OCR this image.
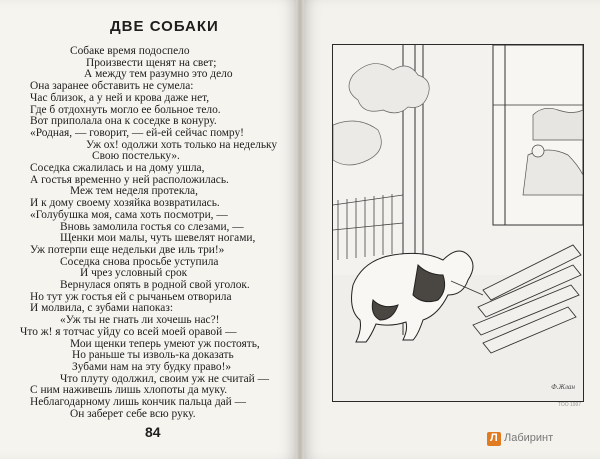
ДВЕ СОБАКИ
Собаке время подоспело
Произвести щенят на свет;
А между тем разумно это дело
Она заранее обставить не сумела:
Час близок, а у ней и крова даже нет,
Где б отдохнуть могло ее больное тело.
Вот приполала она к соседке в конуру.
«Родная, — говорит, — ей-ей сейчас помру!
Уж ох! одолжи хоть только на недельку
Свою постельку».
Соседка сжалилась и на дому ушла,
А гостья временно у ней расположилась.
Меж тем неделя протекла,
И к дому своему хозяйка возвратилась.
«Голубушка моя, сама хоть посмотри, —
Вновь замолила гостья со слезами, —
Щенки мои малы, чуть шевелят ногами,
Уж потерпи еще недельки две иль три!»
Соседка снова просьбе уступила
И чрез условный срок
Вернулася опять в родной свой уголок.
Но тут уж гостья ей с рычаньем отворила
И молвила, с зубами напоказ:
«Уж ты не гнать ли хочешь нас?!
Что ж! я тотчас уйду со всей моей оравой —
Мои щенки теперь умеют уж постоять,
Но раньше ты изволь-ка доказать
Зубами нам на эту будку право!»
Что плуту одолжил, своим уж не считай —
С ним наживешь лишь хлопоты да муку.
Неблагодарному лишь кончик пальца дай —
Он заберет себе всю руку.
84
Ф.Жлан
ТОО 1997
Л Лабиринт
